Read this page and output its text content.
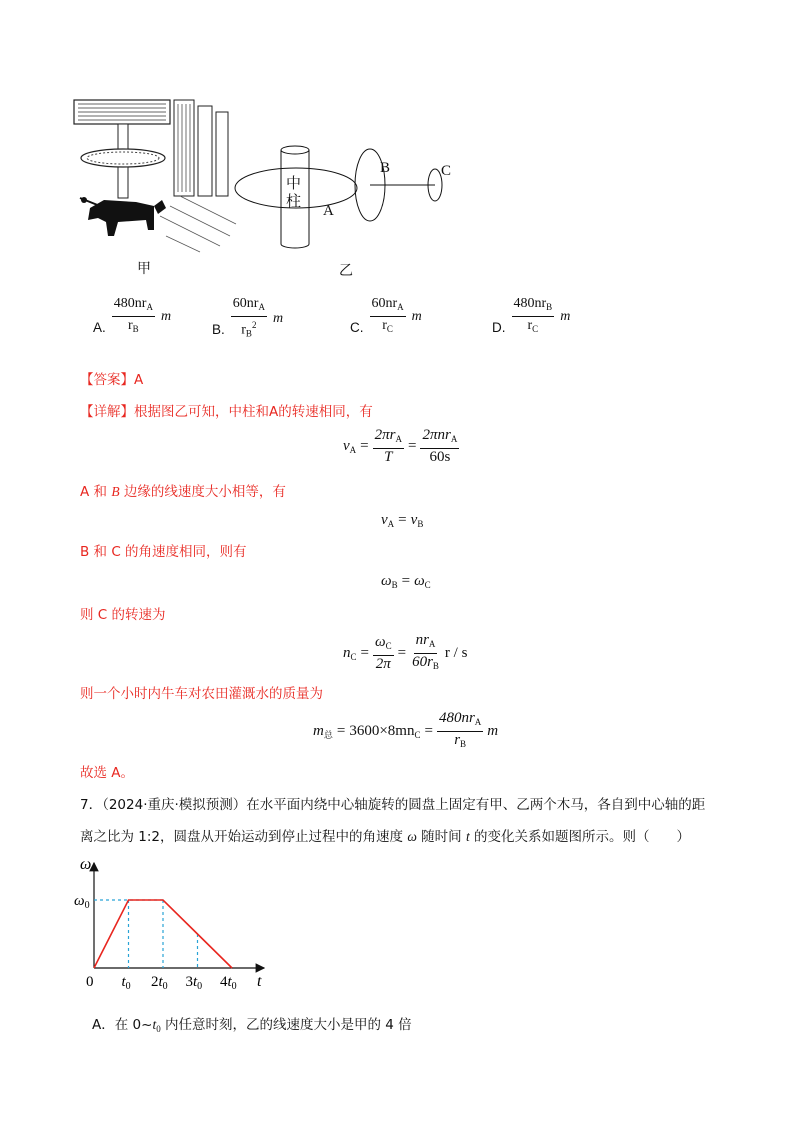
甲
中
柱
A
B	C
乙
A. $\frac{480nr_A}{r_B}$ m
B. $\frac{60nr_A}{r_B^2}$ m
C. $\frac{60nr_A}{r_C}$ m
D. $\frac{480nr_B}{r_C}$ m
【答案】A
【详解】根据图乙可知，中柱和A的转速相同，有
$v_A = \frac{2\pi r_A}{T} = \frac{2\pi nr_A}{60s}$
A 和 B 边缘的线速度大小相等，有
$v_A = v_B$
B 和 C 的角速度相同，则有
$\omega_B = \omega_C$
则 C 的转速为
$n_C = \frac{\omega_C}{2\pi} = \frac{nr_A}{60r_B}$ r / s
则一个小时内牛车对农田灌溉水的质量为
$m_总 = 3600\times 8mn_C = \frac{480nr_A}{r_B}$ m
故选 A。
7．（2024·重庆·模拟预测）在水平面内绕中心轴旋转的圆盘上固定有甲、乙两个木马，各自到中心轴的距
离之比为 1:2，圆盘从开始运动到停止过程中的角速度 ω 随时间 t 的变化关系如题图所示。则（　　）
ω
t
$\omega_0$
0 $t_0$ $2t_0$ $3t_0$ $4t_0$
A．在 $0\sim t_0$ 内任意时刻，乙的线速度大小是甲的 4 倍
